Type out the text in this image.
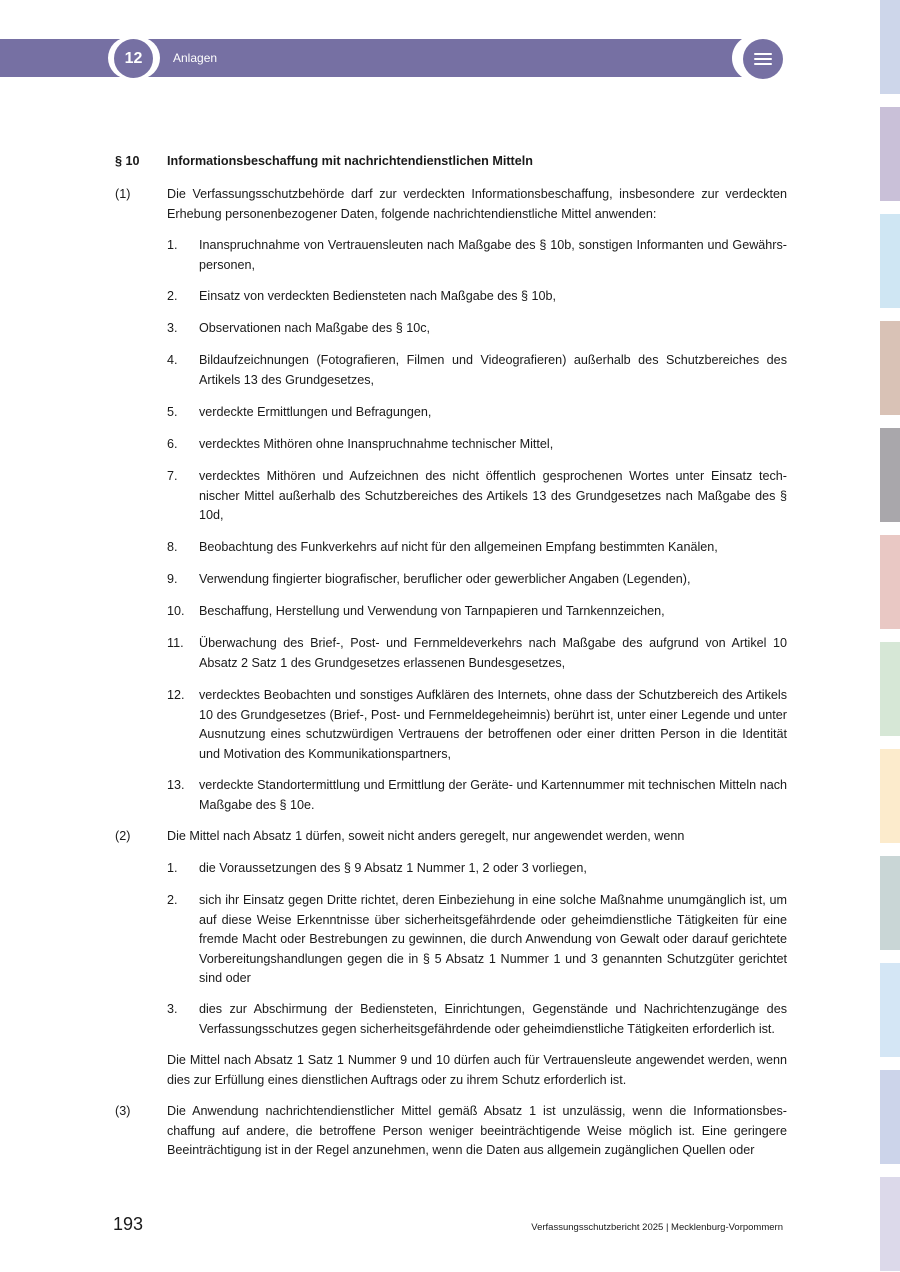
12	Anlagen
§ 10 Informationsbeschaffung mit nachrichtendienstlichen Mitteln
(1)	Die Verfassungsschutzbehörde darf zur verdeckten Informationsbeschaffung, insbesondere zur verdeckten Erhebung personenbezogener Daten, folgende nachrichtendienstliche Mittel anwenden:
1. Inanspruchnahme von Vertrauensleuten nach Maßgabe des § 10b, sonstigen Informanten und Gewährspersonen,
2. Einsatz von verdeckten Bediensteten nach Maßgabe des § 10b,
3. Observationen nach Maßgabe des § 10c,
4. Bildaufzeichnungen (Fotografieren, Filmen und Videografieren) außerhalb des Schutzbereiches des Artikels 13 des Grundgesetzes,
5. verdeckte Ermittlungen und Befragungen,
6. verdecktes Mithören ohne Inanspruchnahme technischer Mittel,
7. verdecktes Mithören und Aufzeichnen des nicht öffentlich gesprochenen Wortes unter Einsatz technischer Mittel außerhalb des Schutzbereiches des Artikels 13 des Grundgesetzes nach Maßgabe des § 10d,
8. Beobachtung des Funkverkehrs auf nicht für den allgemeinen Empfang bestimmten Kanälen,
9. Verwendung fingierter biografischer, beruflicher oder gewerblicher Angaben (Legenden),
10. Beschaffung, Herstellung und Verwendung von Tarnpapieren und Tarnkennzeichen,
11. Überwachung des Brief-, Post- und Fernmeldeverkehrs nach Maßgabe des aufgrund von Artikel 10 Absatz 2 Satz 1 des Grundgesetzes erlassenen Bundesgesetzes,
12. verdecktes Beobachten und sonstiges Aufklären des Internets, ohne dass der Schutzbereich des Artikels 10 des Grundgesetzes (Brief-, Post- und Fernmeldegeheimnis) berührt ist, unter einer Legende und unter Ausnutzung eines schutzwürdigen Vertrauens der betroffenen oder einer dritten Person in die Identität und Motivation des Kommunikationspartners,
13. verdeckte Standortermittlung und Ermittlung der Geräte- und Kartennummer mit technischen Mitteln nach Maßgabe des § 10e.
(2)	Die Mittel nach Absatz 1 dürfen, soweit nicht anders geregelt, nur angewendet werden, wenn
1. die Voraussetzungen des § 9 Absatz 1 Nummer 1, 2 oder 3 vorliegen,
2. sich ihr Einsatz gegen Dritte richtet, deren Einbeziehung in eine solche Maßnahme unumgänglich ist, um auf diese Weise Erkenntnisse über sicherheitsgefährdende oder geheimdienstliche Tätigkeiten für eine fremde Macht oder Bestrebungen zu gewinnen, die durch Anwendung von Gewalt oder darauf gerichtete Vorbereitungshandlungen gegen die in § 5 Absatz 1 Nummer 1 und 3 genannten Schutzgüter gerichtet sind oder
3. dies zur Abschirmung der Bediensteten, Einrichtungen, Gegenstände und Nachrichtenzugänge des Verfassungsschutzes gegen sicherheitsgefährdende oder geheimdienstliche Tätigkeiten erforderlich ist.
Die Mittel nach Absatz 1 Satz 1 Nummer 9 und 10 dürfen auch für Vertrauensleute angewendet werden, wenn dies zur Erfüllung eines dienstlichen Auftrags oder zu ihrem Schutz erforderlich ist.
(3)	Die Anwendung nachrichtendienstlicher Mittel gemäß Absatz 1 ist unzulässig, wenn die Informationsbeschaffung auf andere, die betroffene Person weniger beeinträchtigende Weise möglich ist. Eine geringere Beeinträchtigung ist in der Regel anzunehmen, wenn die Daten aus allgemein zugänglichen Quellen oder
193	Verfassungsschutzbericht 2025 | Mecklenburg-Vorpommern
